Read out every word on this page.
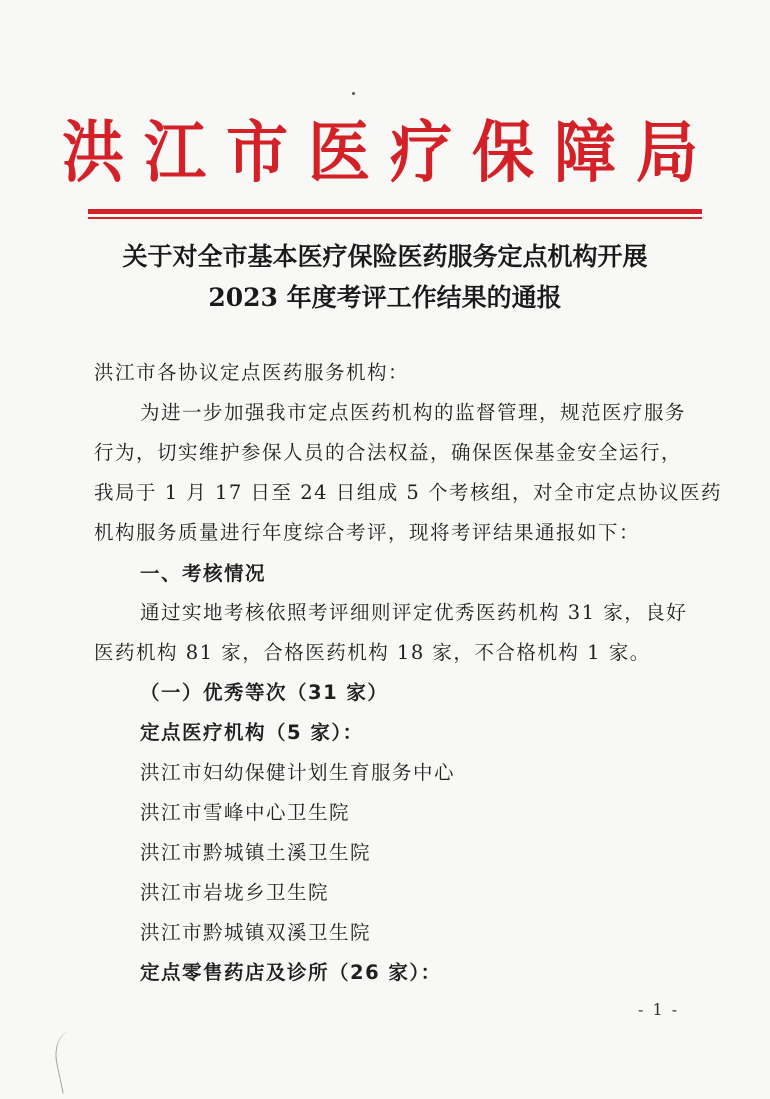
洪江市医疗保障局
关于对全市基本医疗保险医药服务定点机构开展
2023 年度考评工作结果的通报
洪江市各协议定点医药服务机构：
为进一步加强我市定点医药机构的监督管理，规范医疗服务
行为，切实维护参保人员的合法权益，确保医保基金安全运行，
我局于 1 月 17 日至 24 日组成 5 个考核组，对全市定点协议医药
机构服务质量进行年度综合考评，现将考评结果通报如下：
一、考核情况
通过实地考核依照考评细则评定优秀医药机构 31 家，良好
医药机构 81 家，合格医药机构 18 家，不合格机构 1 家。
（一）优秀等次（31 家）
定点医疗机构（5 家）：
洪江市妇幼保健计划生育服务中心
洪江市雪峰中心卫生院
洪江市黔城镇土溪卫生院
洪江市岩垅乡卫生院
洪江市黔城镇双溪卫生院
定点零售药店及诊所（26 家）：
- 1 -
